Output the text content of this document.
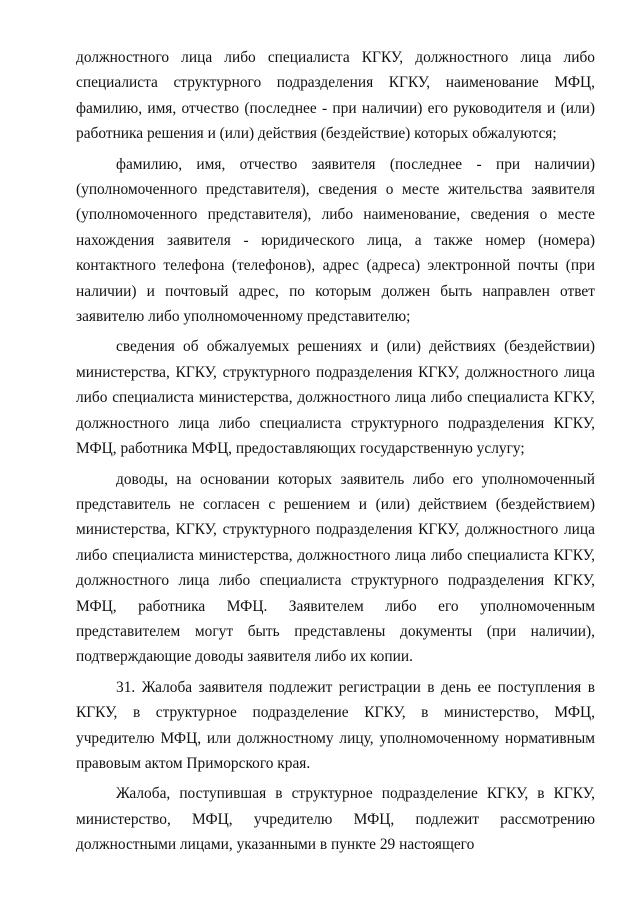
должностного лица либо специалиста КГКУ, должностного лица либо специалиста структурного подразделения КГКУ, наименование МФЦ, фамилию, имя, отчество (последнее - при наличии) его руководителя и (или) работника решения и (или) действия (бездействие) которых обжалуются;

фамилию, имя, отчество заявителя (последнее - при наличии) (уполномоченного представителя), сведения о месте жительства заявителя (уполномоченного представителя), либо наименование, сведения о месте нахождения заявителя - юридического лица, а также номер (номера) контактного телефона (телефонов), адрес (адреса) электронной почты (при наличии) и почтовый адрес, по которым должен быть направлен ответ заявителю либо уполномоченному представителю;

сведения об обжалуемых решениях и (или) действиях (бездействии) министерства, КГКУ, структурного подразделения КГКУ, должностного лица либо специалиста министерства, должностного лица либо специалиста КГКУ, должностного лица либо специалиста структурного подразделения КГКУ, МФЦ, работника МФЦ, предоставляющих государственную услугу;

доводы, на основании которых заявитель либо его уполномоченный представитель не согласен с решением и (или) действием (бездействием) министерства, КГКУ, структурного подразделения КГКУ, должностного лица либо специалиста министерства, должностного лица либо специалиста КГКУ, должностного лица либо специалиста структурного подразделения КГКУ, МФЦ, работника МФЦ. Заявителем либо его уполномоченным представителем могут быть представлены документы (при наличии), подтверждающие доводы заявителя либо их копии.

31. Жалоба заявителя подлежит регистрации в день ее поступления в КГКУ, в структурное подразделение КГКУ, в министерство, МФЦ, учредителю МФЦ, или должностному лицу, уполномоченному нормативным правовым актом Приморского края.

Жалоба, поступившая в структурное подразделение КГКУ, в КГКУ, министерство, МФЦ, учредителю МФЦ, подлежит рассмотрению должностными лицами, указанными в пункте 29 настоящего
